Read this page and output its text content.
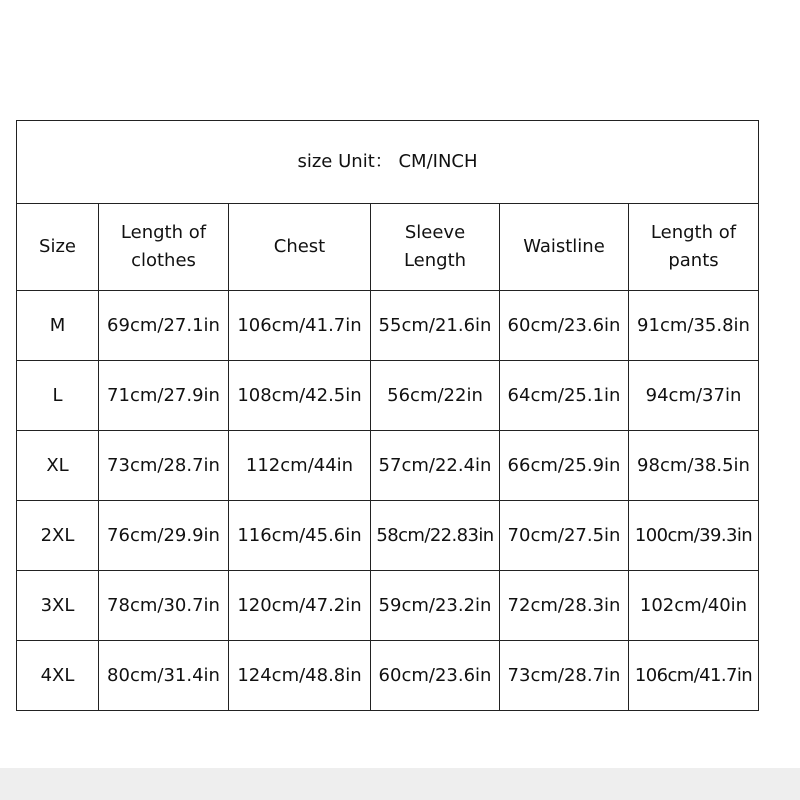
size Unit： CM/INCH					
Size	Length of clothes	Chest	Sleeve Length	Waistline	Length of pants
M	69cm/27.1in	106cm/41.7in	55cm/21.6in	60cm/23.6in	91cm/35.8in
L	71cm/27.9in	108cm/42.5in	56cm/22in	64cm/25.1in	94cm/37in
XL	73cm/28.7in	112cm/44in	57cm/22.4in	66cm/25.9in	98cm/38.5in
2XL	76cm/29.9in	116cm/45.6in	58cm/22.83in	70cm/27.5in	100cm/39.3in
3XL	78cm/30.7in	120cm/47.2in	59cm/23.2in	72cm/28.3in	102cm/40in
4XL	80cm/31.4in	124cm/48.8in	60cm/23.6in	73cm/28.7in	106cm/41.7in
